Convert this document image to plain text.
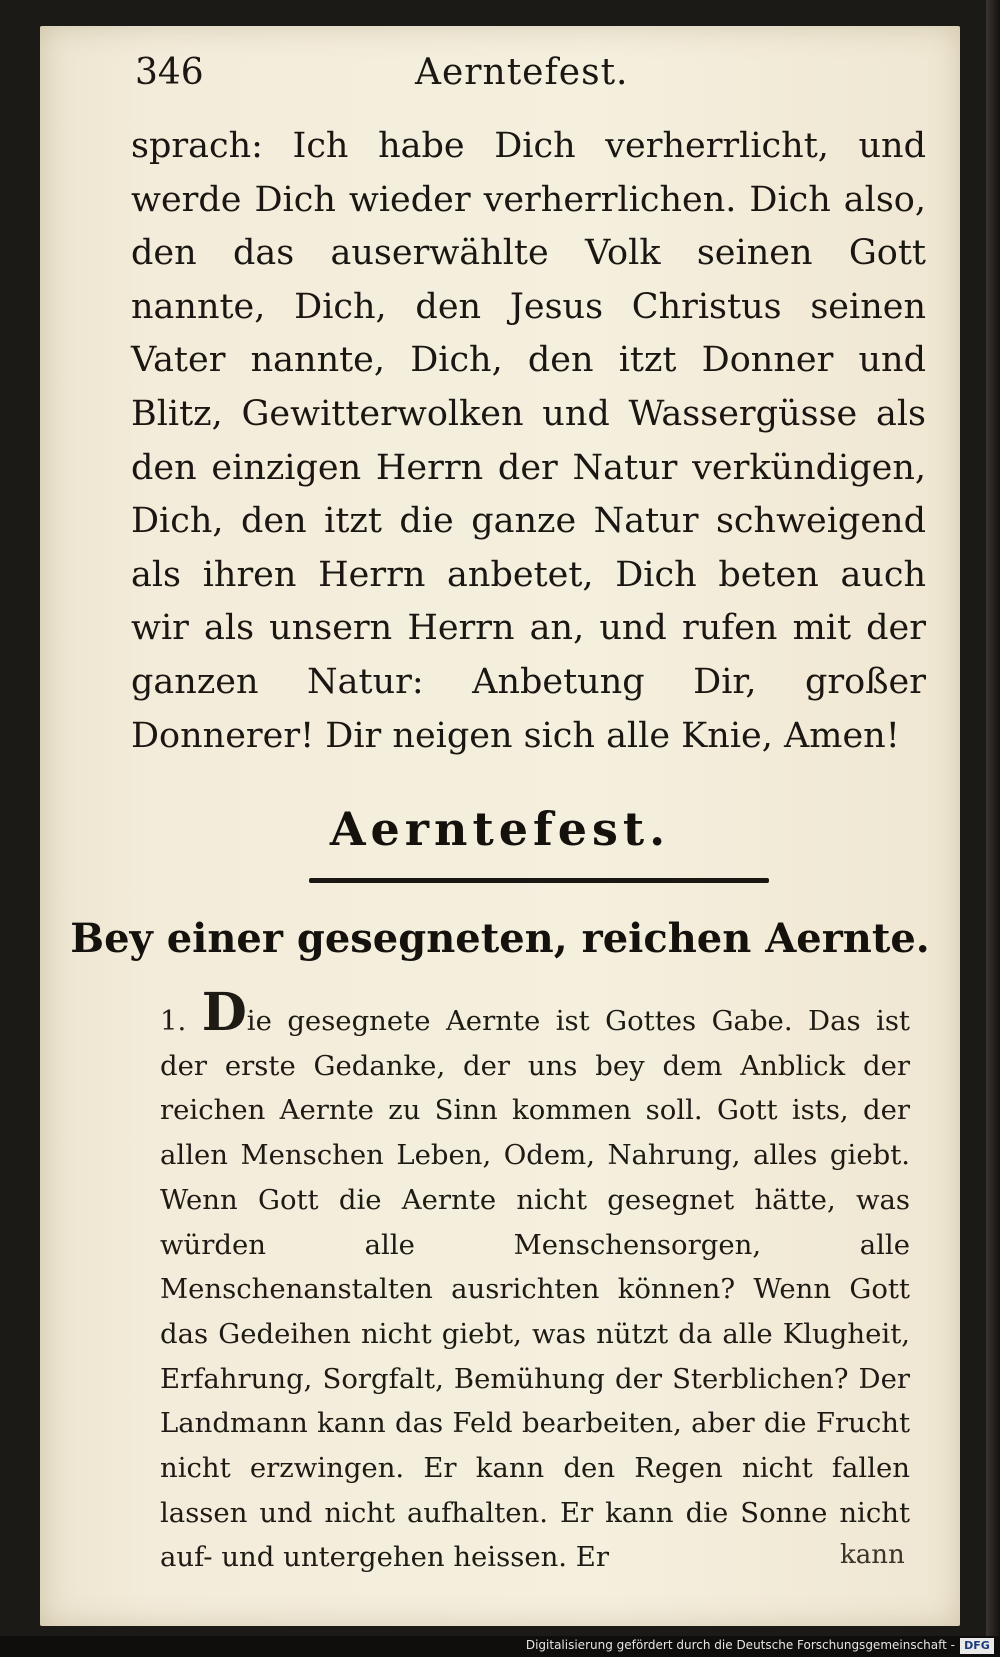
346	Aerntefest.

sprach: Ich habe Dich verherrlicht, und werde Dich wieder verherrlichen. Dich also, den das auserwählte Volk seinen Gott nannte, Dich, den Jesus Christus seinen Vater nannte, Dich, den itzt Donner und Blitz, Gewitterwolken und Wassergüsse als den einzigen Herrn der Natur verkündigen, Dich, den itzt die ganze Natur schweigend als ihren Herrn anbetet, Dich beten auch wir als unsern Herrn an, und rufen mit der ganzen Natur: Anbetung Dir, großer Donnerer! Dir neigen sich alle Knie, Amen!

Aerntefest.
Bey einer gesegneten, reichen Aernte.

1. Die gesegnete Aernte ist Gottes Gabe. Das ist der erste Gedanke, der uns bey dem Anblick der reichen Aernte zu Sinn kommen soll. Gott ists, der allen Menschen Leben, Odem, Nahrung, alles giebt. Wenn Gott die Aernte nicht gesegnet hätte, was würden alle Menschensorgen, alle Menschenanstalten ausrichten können? Wenn Gott das Gedeihen nicht giebt, was nützt da alle Klugheit, Erfahrung, Sorgfalt, Bemühung der Sterblichen? Der Landmann kann das Feld bearbeiten, aber die Frucht nicht erzwingen. Er kann den Regen nicht fallen lassen und nicht aufhalten. Er kann die Sonne nicht auf- und untergehen heissen. Er	kann
Digitalisierung gefördert durch die Deutsche Forschungsgemeinschaft - DFG
